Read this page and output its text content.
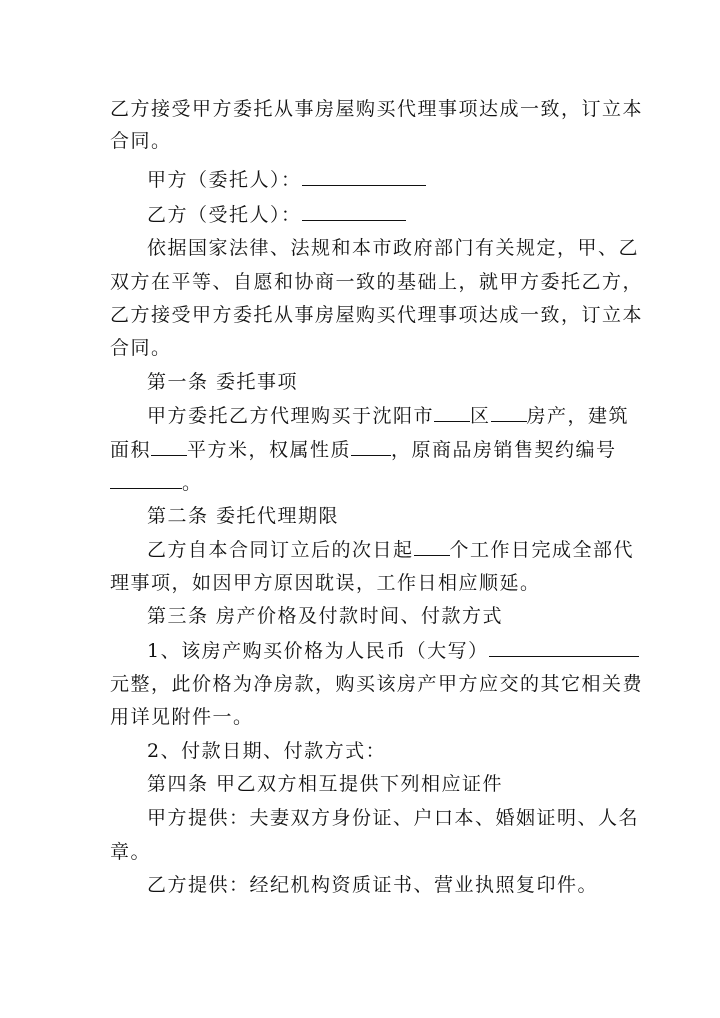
乙方接受甲方委托从事房屋购买代理事项达成一致，订立本
合同。
甲方（委托人）：
乙方（受托人）：
依据国家法律、法规和本市政府部门有关规定，甲、乙
双方在平等、自愿和协商一致的基础上，就甲方委托乙方，
乙方接受甲方委托从事房屋购买代理事项达成一致，订立本
合同。
第一条 委托事项
甲方委托乙方代理购买于沈阳市 区 房产，建筑
面积 平方米，权属性质 ，原商品房销售契约编号
。
第二条 委托代理期限
乙方自本合同订立后的次日起 个工作日完成全部代
理事项，如因甲方原因耽误，工作日相应顺延。
第三条 房产价格及付款时间、付款方式
1、该房产购买价格为人民币（大写）
元整，此价格为净房款，购买该房产甲方应交的其它相关费
用详见附件一。
2、付款日期、付款方式：
第四条 甲乙双方相互提供下列相应证件
甲方提供：夫妻双方身份证、户口本、婚姻证明、人名
章。
乙方提供：经纪机构资质证书、营业执照复印件。
